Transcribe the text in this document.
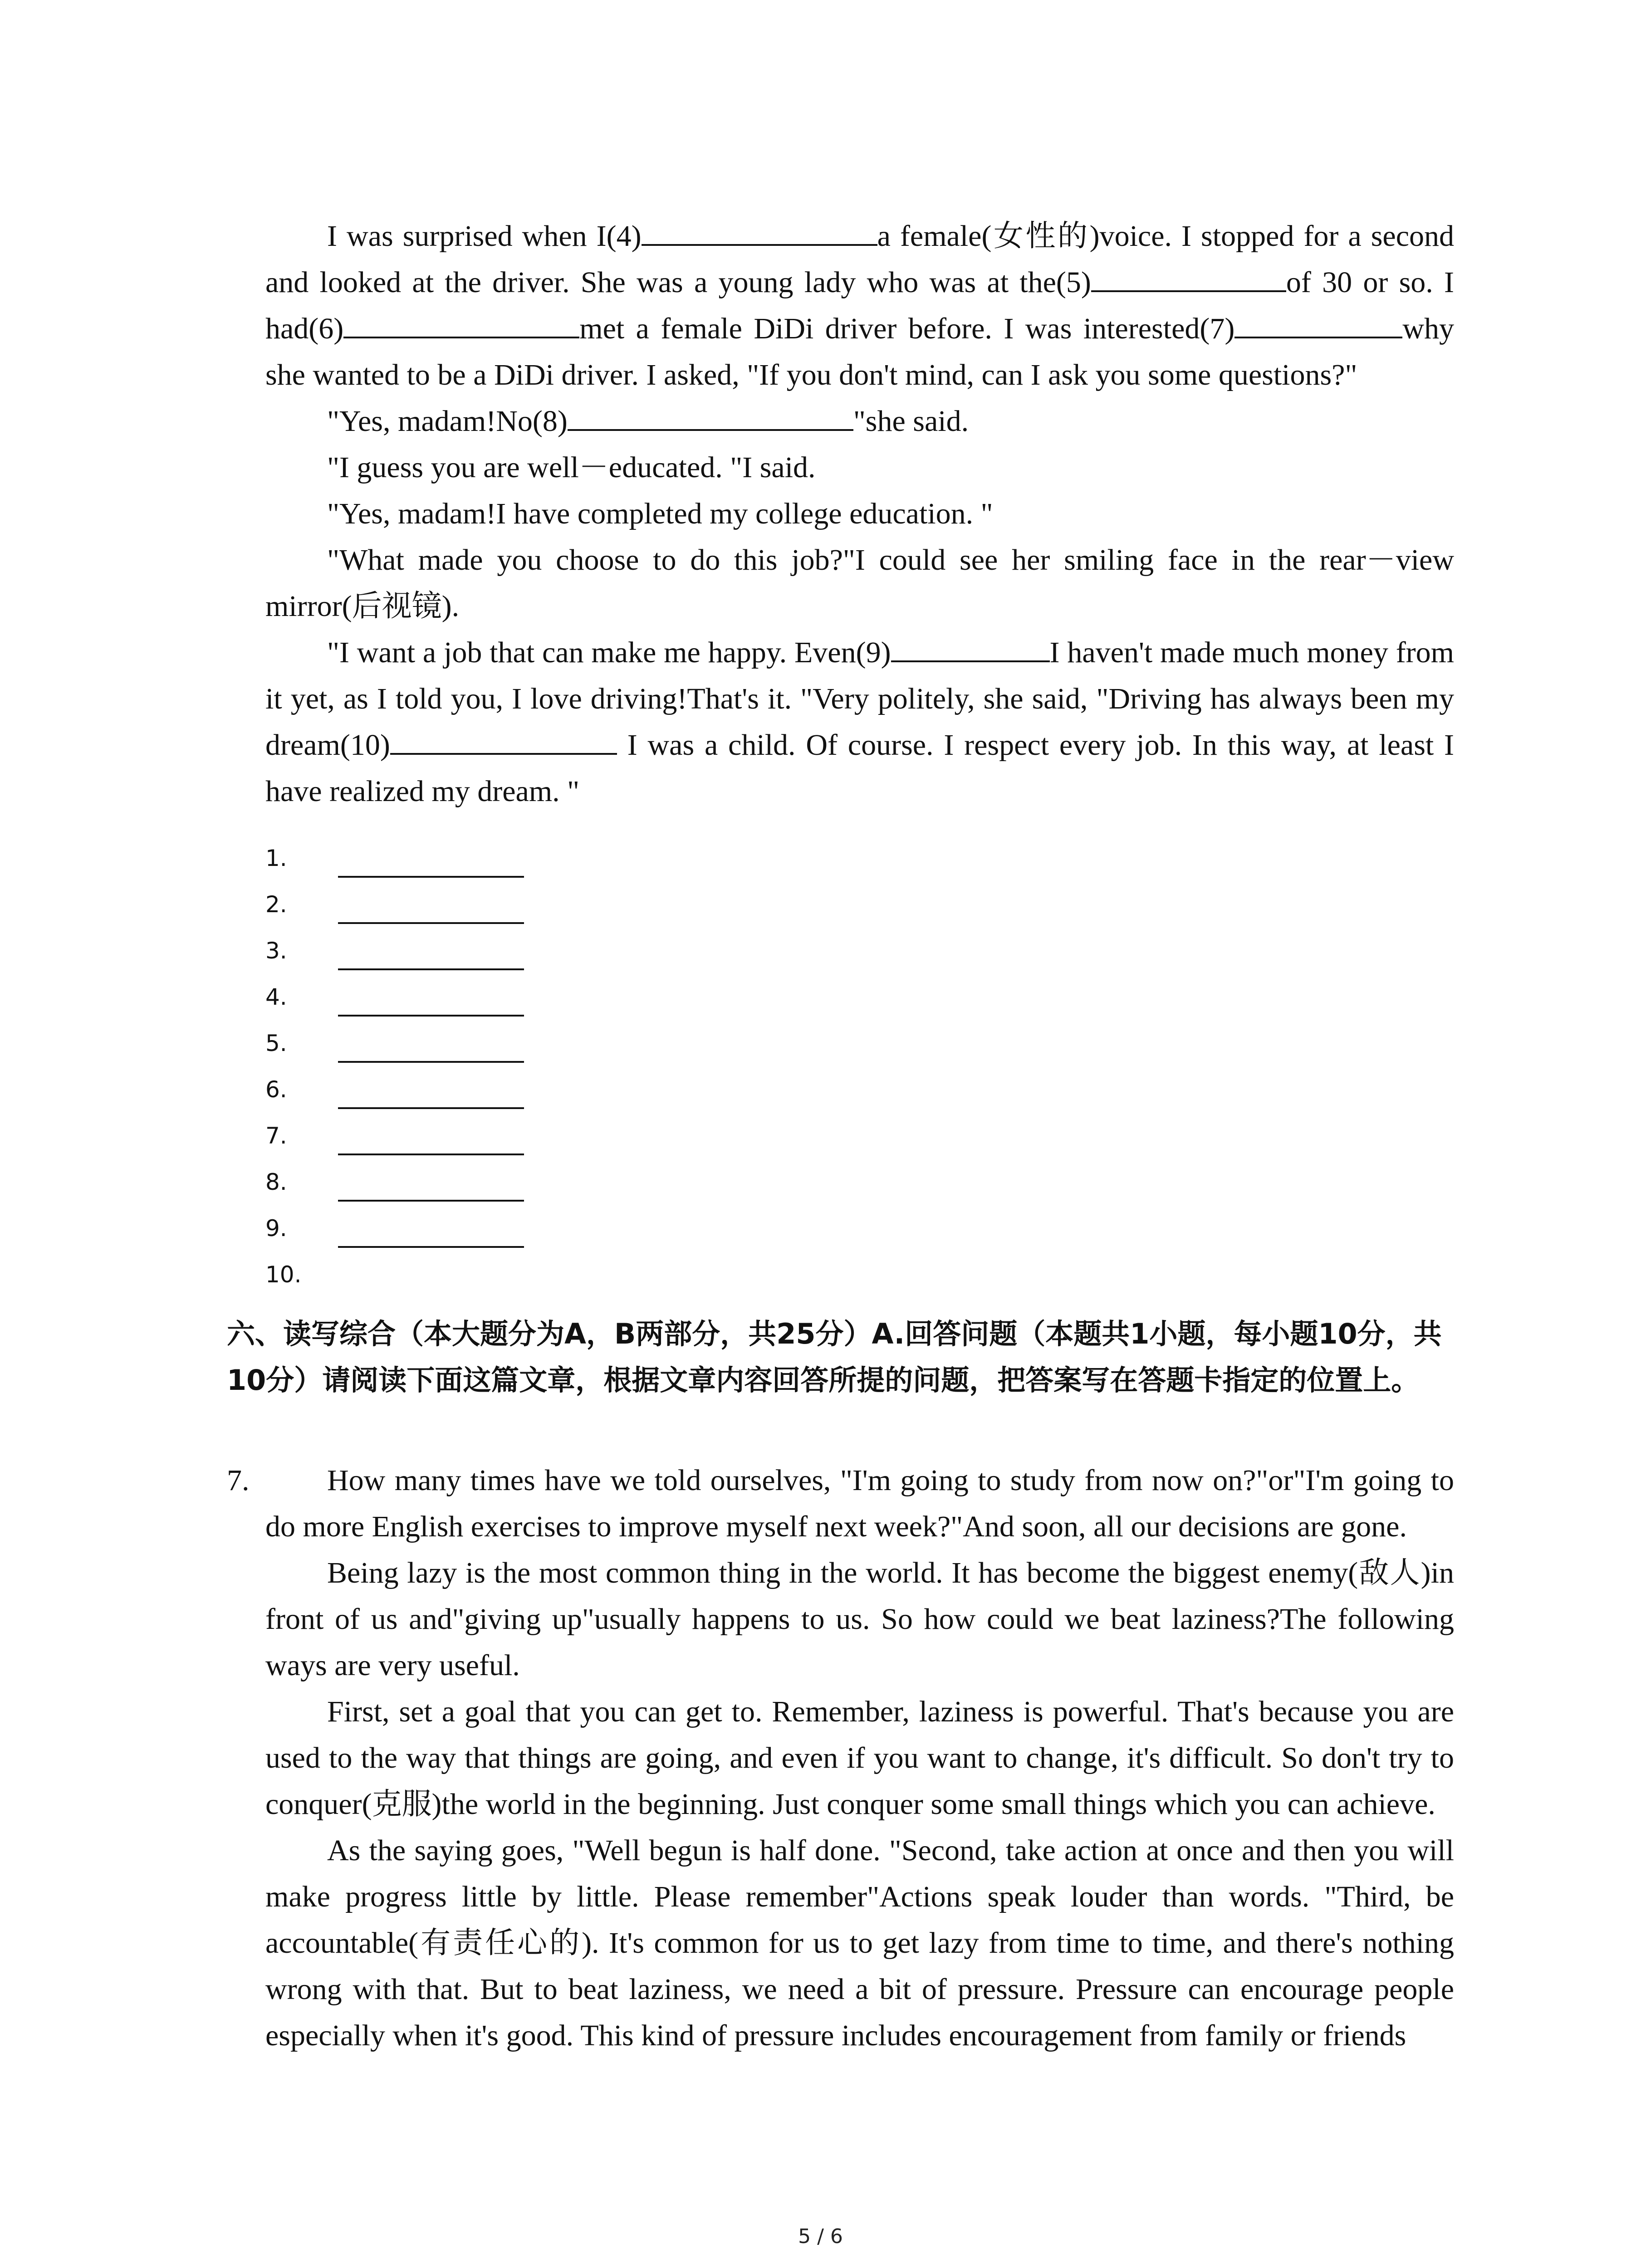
I was surprised when I(4)	a female(女性的)voice. I stopped for a second and looked at the driver. She was a young lady who was at the(5)	of 30 or so. I had(6)	met a female DiDi driver before. I was interested(7)	why she wanted to be a DiDi driver. I asked, "If you don't mind, can I ask you some questions?"

"Yes, madam!No(8)	"she said.

"I guess you are well－educated. "I said.

"Yes, madam!I have completed my college education. "

"What made you choose to do this job?"I could see her smiling face in the rear－view mirror(后视镜).

"I want a job that can make me happy. Even(9)	I haven't made much money from it yet, as I told you, I love driving!That's it. "Very politely, she said, "Driving has always been my dream(10)	I was a child. Of course. I respect every job. In this way, at least I have realized my dream. "

1.
2.
3.
4.
5.
6.
7.
8.
9.
10.
六、读写综合（本大题分为A，B两部分，共25分）A.回答问题（本题共1小题，每小题10分，共10分）请阅读下面这篇文章，根据文章内容回答所提的问题，把答案写在答题卡指定的位置上。
7.	How many times have we told ourselves, "I'm going to study from now on?"or"I'm going to do more English exercises to improve myself next week?"And soon, all our decisions are gone.

Being lazy is the most common thing in the world. It has become the biggest enemy(敌人)in front of us and"giving up"usually happens to us. So how could we beat laziness?The following ways are very useful.

First, set a goal that you can get to. Remember, laziness is powerful. That's because you are used to the way that things are going, and even if you want to change, it's difficult. So don't try to conquer(克服)the world in the beginning. Just conquer some small things which you can achieve.

As the saying goes, "Well begun is half done. "Second, take action at once and then you will make progress little by little. Please remember"Actions speak louder than words. "Third, be accountable(有责任心的). It's common for us to get lazy from time to time, and there's nothing wrong with that. But to beat laziness, we need a bit of pressure. Pressure can encourage people especially when it's good. This kind of pressure includes encouragement from family or friends

5 / 6
